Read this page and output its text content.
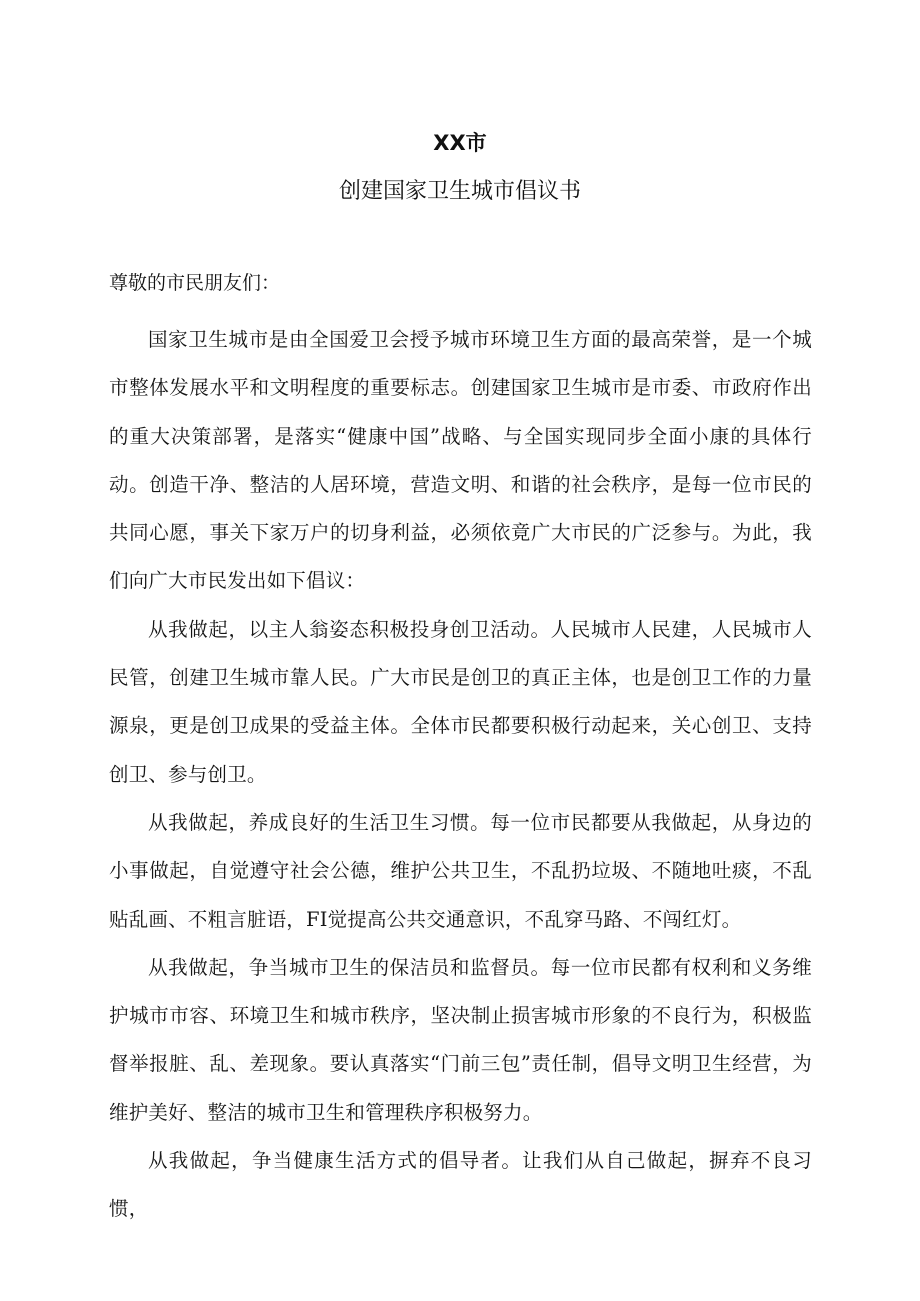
XX市
创建国家卫生城市倡议书
尊敬的市民朋友们：

国家卫生城市是由全国爱卫会授予城市环境卫生方面的最高荣誉，是一个城市整体发展水平和文明程度的重要标志。创建国家卫生城市是市委、市政府作出的重大决策部署，是落实“健康中国”战略、与全国实现同步全面小康的具体行动。创造干净、整洁的人居环境，营造文明、和谐的社会秩序，是每一位市民的共同心愿，事关下家万户的切身利益，必须依竟广大市民的广泛参与。为此，我们向广大市民发出如下倡议：

从我做起，以主人翁姿态积极投身创卫活动。人民城市人民建，人民城市人民管，创建卫生城市靠人民。广大市民是创卫的真正主体，也是创卫工作的力量源泉，更是创卫成果的受益主体。全体市民都要积极行动起来，关心创卫、支持创卫、参与创卫。

从我做起，养成良好的生活卫生习惯。每一位市民都要从我做起，从身边的小事做起，自觉遵守社会公德，维护公共卫生，不乱扔垃圾、不随地吐痰，不乱贴乱画、不粗言脏语，FI觉提高公共交通意识，不乱穿马路、不闯红灯。

从我做起，争当城市卫生的保洁员和监督员。每一位市民都有权利和义务维护城市市容、环境卫生和城市秩序，坚决制止损害城市形象的不良行为，积极监督举报脏、乱、差现象。要认真落实“门前三包”责任制，倡导文明卫生经营，为维护美好、整洁的城市卫生和管理秩序积极努力。

从我做起，争当健康生活方式的倡导者。让我们从自己做起，摒弃不良习惯，
